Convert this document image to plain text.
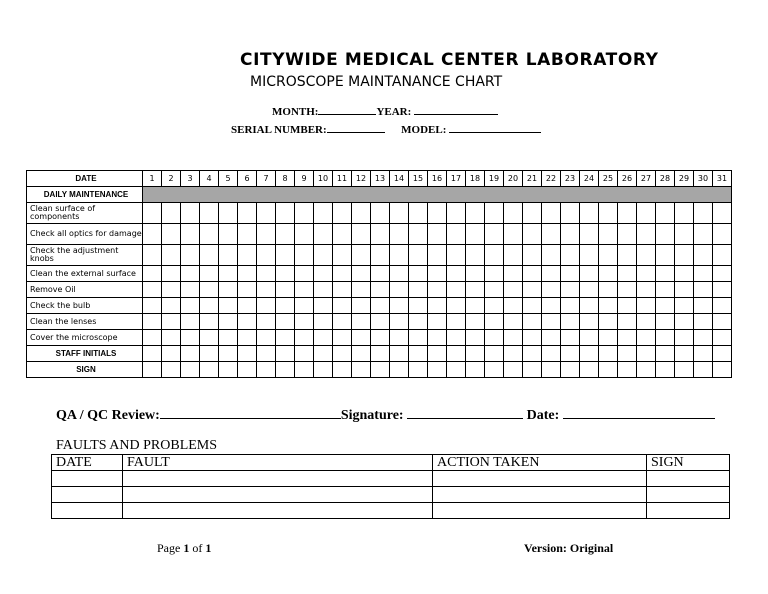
CITYWIDE MEDICAL CENTER LABORATORY
MICROSCOPE MAINTANANCE CHART
MONTH:	YEAR:
SERIAL NUMBER:	MODEL:
DATE	1	2	3	4	5	6	7	8	9	10	11	12	13	14	15	16	17	18	19	20	21	22	23	24	25	26	27	28	29	30	31
DAILY MAINTENANCE																															
Clean surface of components																															
Check all optics for damage																															
Check the adjustment knobs																															
Clean the external surface																															
Remove Oil																															
Check the bulb																															
Clean the lenses																															
Cover the microscope																															
STAFF INITIALS																															
SIGN																															
QA / QC Review:	Signature:	Date:
FAULTS AND PROBLEMS
DATE	FAULT	ACTION TAKEN	SIGN

Page 1 of 1	Version: Original
